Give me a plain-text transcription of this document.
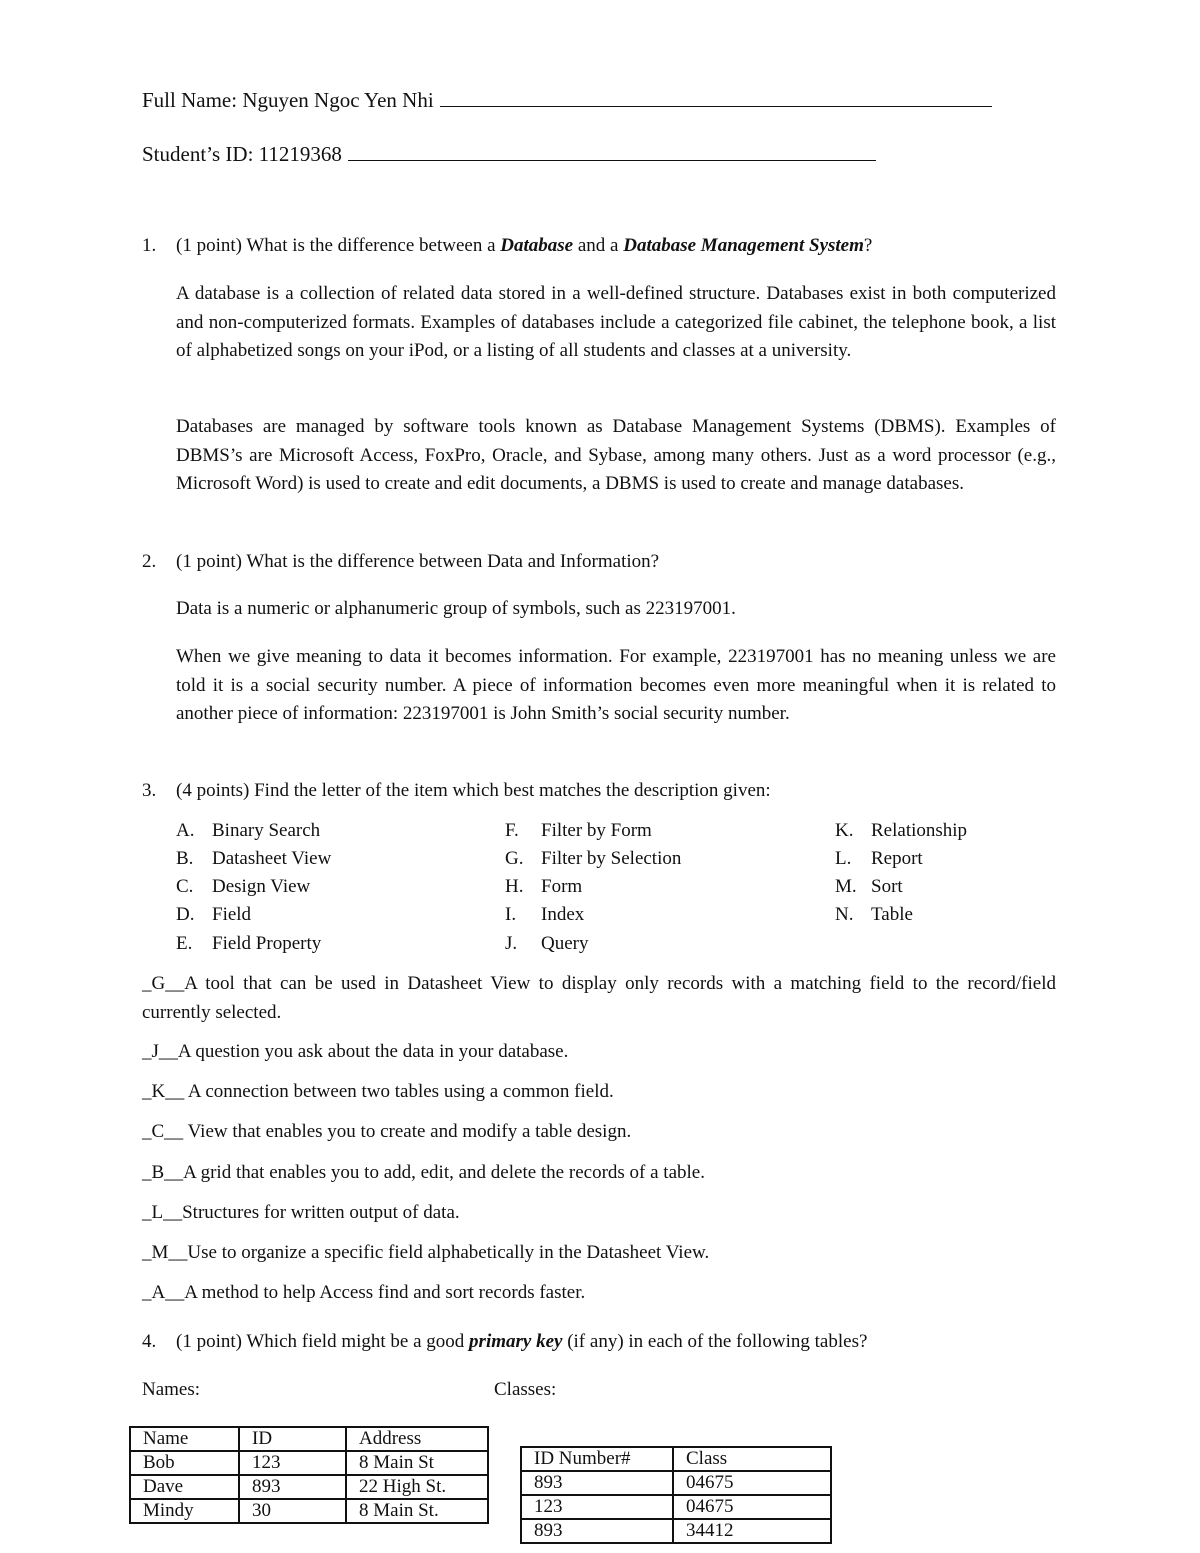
Full Name: Nguyen Ngoc Yen Nhi
Student’s ID: 11219368
1. (1 point) What is the difference between a Database and a Database Management System?

A database is a collection of related data stored in a well-defined structure. Databases exist in both computerized and non-computerized formats. Examples of databases include a categorized file cabinet, the telephone book, a list of alphabetized songs on your iPod, or a listing of all students and classes at a university.

Databases are managed by software tools known as Database Management Systems (DBMS). Examples of DBMS’s are Microsoft Access, FoxPro, Oracle, and Sybase, among many others. Just as a word processor (e.g., Microsoft Word) is used to create and edit documents, a DBMS is used to create and manage databases.

2. (1 point) What is the difference between Data and Information?

Data is a numeric or alphanumeric group of symbols, such as 223197001.

When we give meaning to data it becomes information. For example, 223197001 has no meaning unless we are told it is a social security number. A piece of information becomes even more meaningful when it is related to another piece of information: 223197001 is John Smith’s social security number.

3. (4 points) Find the letter of the item which best matches the description given:
A. Binary Search
B. Datasheet View
C. Design View
D. Field
E. Field Property
F. Filter by Form
G. Filter by Selection
H. Form
I. Index
J. Query
K. Relationship
L. Report
M. Sort
N. Table

_G__A tool that can be used in Datasheet View to display only records with a matching field to the record/field currently selected.

_J__A question you ask about the data in your database.

_K__ A connection between two tables using a common field.

_C__ View that enables you to create and modify a table design.

_B__A grid that enables you to add, edit, and delete the records of a table.

_L__Structures for written output of data.

_M__Use to organize a specific field alphabetically in the Datasheet View.

_A__A method to help Access find and sort records faster.

4. (1 point) Which field might be a good primary key (if any) in each of the following tables?
Names:	Classes:
Name	ID	Address
Bob	123	8 Main St
Dave	893	22 High St.
Mindy	30	8 Main St.
ID Number#	Class
893	04675
123	04675
893	34412
